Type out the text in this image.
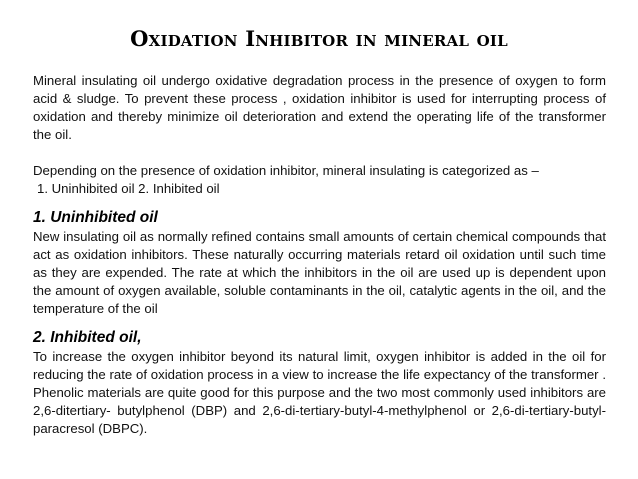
Oxidation Inhibitor in mineral oil

Mineral insulating oil undergo oxidative degradation process in the presence of oxygen to form acid & sludge. To prevent these process , oxidation inhibitor is used for interrupting process of oxidation and thereby minimize oil deterioration and extend the operating life of the transformer the oil.

Depending on the presence of oxidation inhibitor, mineral insulating is categorized as –

1. Uninhibited oil 2. Inhibited oil

1. Uninhibited oil

New insulating oil as normally refined contains small amounts of certain chemical compounds that act as oxidation inhibitors. These naturally occurring materials retard oil oxidation until such time as they are expended. The rate at which the inhibitors in the oil are used up is dependent upon the amount of oxygen available, soluble contaminants in the oil, catalytic agents in the oil, and the temperature of the oil

2. Inhibited oil,

To increase the oxygen inhibitor beyond its natural limit, oxygen inhibitor is added in the oil for reducing the rate of oxidation process in a view to increase the life expectancy of the transformer . Phenolic materials are quite good for this purpose and the two most commonly used inhibitors are 2,6-ditertiary- butylphenol (DBP) and 2,6-di-tertiary-butyl-4-methylphenol or 2,6-di-tertiary-butyl-paracresol (DBPC).
